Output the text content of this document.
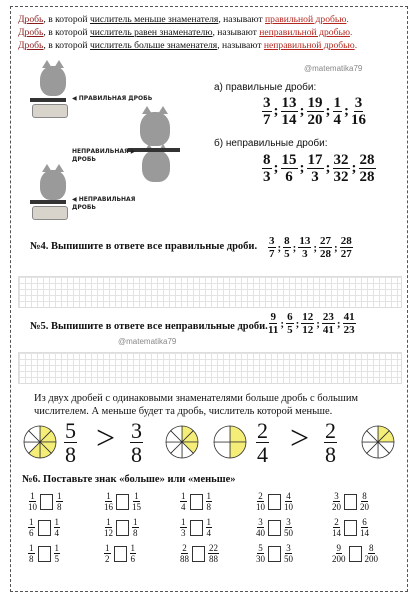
Дробь, в которой числитель меньше знаменателя, называют правильной дробью.
Дробь, в которой числитель равен знаменателю, называют неправильной дробью.
Дробь, в которой числитель больше знаменателя, называют неправильной дробью.
◀ ПРАВИЛЬНАЯ ДРОБЬ
НЕПРАВИЛЬНАЯ ▶
ДРОБЬ
◀ НЕПРАВИЛЬНАЯ
ДРОБЬ
@matematika79
а) правильные дроби:
$\frac{3}{7}$ ; $\frac{13}{14}$ ; $\frac{19}{20}$ ; $\frac{1}{4}$ ; $\frac{3}{16}$
б) неправильные дроби:
$\frac{8}{3}$ ; $\frac{15}{6}$ ; $\frac{17}{3}$ ; $\frac{32}{32}$ ; $\frac{28}{28}$
№4. Выпишите в ответе все правильные дроби. $\frac{3}{7}$ ; $\frac{8}{5}$ ; $\frac{13}{3}$ ; $\frac{27}{28}$ ; $\frac{28}{27}$
№5. Выпишите в ответе все неправильные дроби. $\frac{9}{11}$ ; $\frac{6}{5}$ ; $\frac{12}{12}$ ; $\frac{23}{41}$ ; $\frac{41}{23}$
@matematika79
Из двух дробей с одинаковыми знаменателями больше дробь с большим
числителем. А меньше будет та дробь, числитель которой меньше.
$\frac{5}{8} > \frac{3}{8}$	$\frac{2}{4} > \frac{2}{8}$
№6. Поставьте знак «больше» или «меньше»
$\frac{1}{10} \frac{1}{8}$	$\frac{1}{16} \frac{1}{15}$	$\frac{1}{4} \frac{1}{8}$	$\frac{2}{10} \frac{4}{10}$	$\frac{3}{20} \frac{8}{20}$
$\frac{1}{6} \frac{1}{4}$	$\frac{1}{12} \frac{1}{8}$	$\frac{1}{3} \frac{1}{4}$	$\frac{3}{40} \frac{3}{50}$	$\frac{2}{14} \frac{6}{14}$
$\frac{1}{8} \frac{1}{5}$	$\frac{1}{2} \frac{1}{6}$	$\frac{2}{88} \frac{22}{88}$	$\frac{5}{30} \frac{3}{50}$	$\frac{9}{200} \frac{8}{200}$
